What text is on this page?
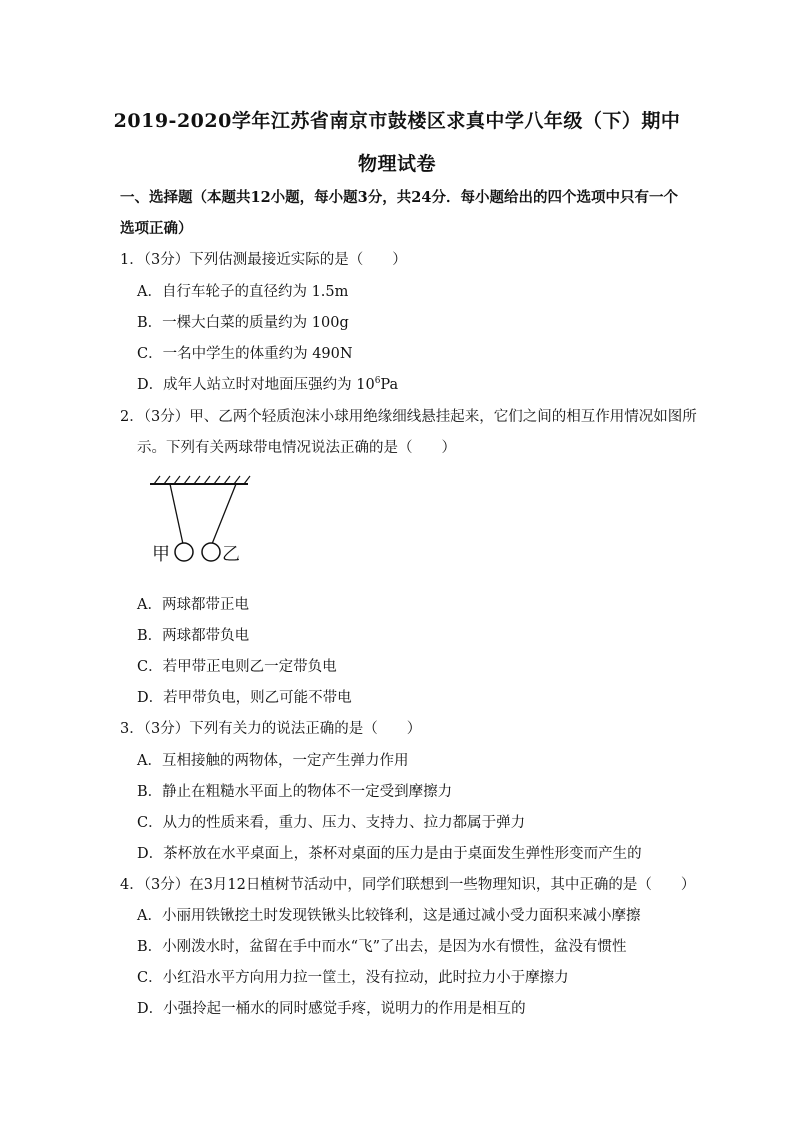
2019-2020学年江苏省南京市鼓楼区求真中学八年级（下）期中
物理试卷
一、选择题（本题共12小题，每小题3分，共24分．每小题给出的四个选项中只有一个
选项正确）
1．（3分）下列估测最接近实际的是（　　）
A．自行车轮子的直径约为 1.5m
B．一棵大白菜的质量约为 100g
C．一名中学生的体重约为 490N
D．成年人站立时对地面压强约为 $10^6Pa$
2．（3分）甲、乙两个轻质泡沫小球用绝缘细线悬挂起来，它们之间的相互作用情况如图所
示。下列有关两球带电情况说法正确的是（　　）
甲	乙
A．两球都带正电
B．两球都带负电
C．若甲带正电则乙一定带负电
D．若甲带负电，则乙可能不带电
3．（3分）下列有关力的说法正确的是（　　）
A．互相接触的两物体，一定产生弹力作用
B．静止在粗糙水平面上的物体不一定受到摩擦力
C．从力的性质来看，重力、压力、支持力、拉力都属于弹力
D．茶杯放在水平桌面上，茶杯对桌面的压力是由于桌面发生弹性形变而产生的
4．（3分）在3月12日植树节活动中，同学们联想到一些物理知识，其中正确的是（　　）
A．小丽用铁锹挖土时发现铁锹头比较锋利，这是通过减小受力面积来减小摩擦
B．小刚泼水时，盆留在手中而水“飞”了出去，是因为水有惯性，盆没有惯性
C．小红沿水平方向用力拉一筐土，没有拉动，此时拉力小于摩擦力
D．小强拎起一桶水的同时感觉手疼，说明力的作用是相互的
